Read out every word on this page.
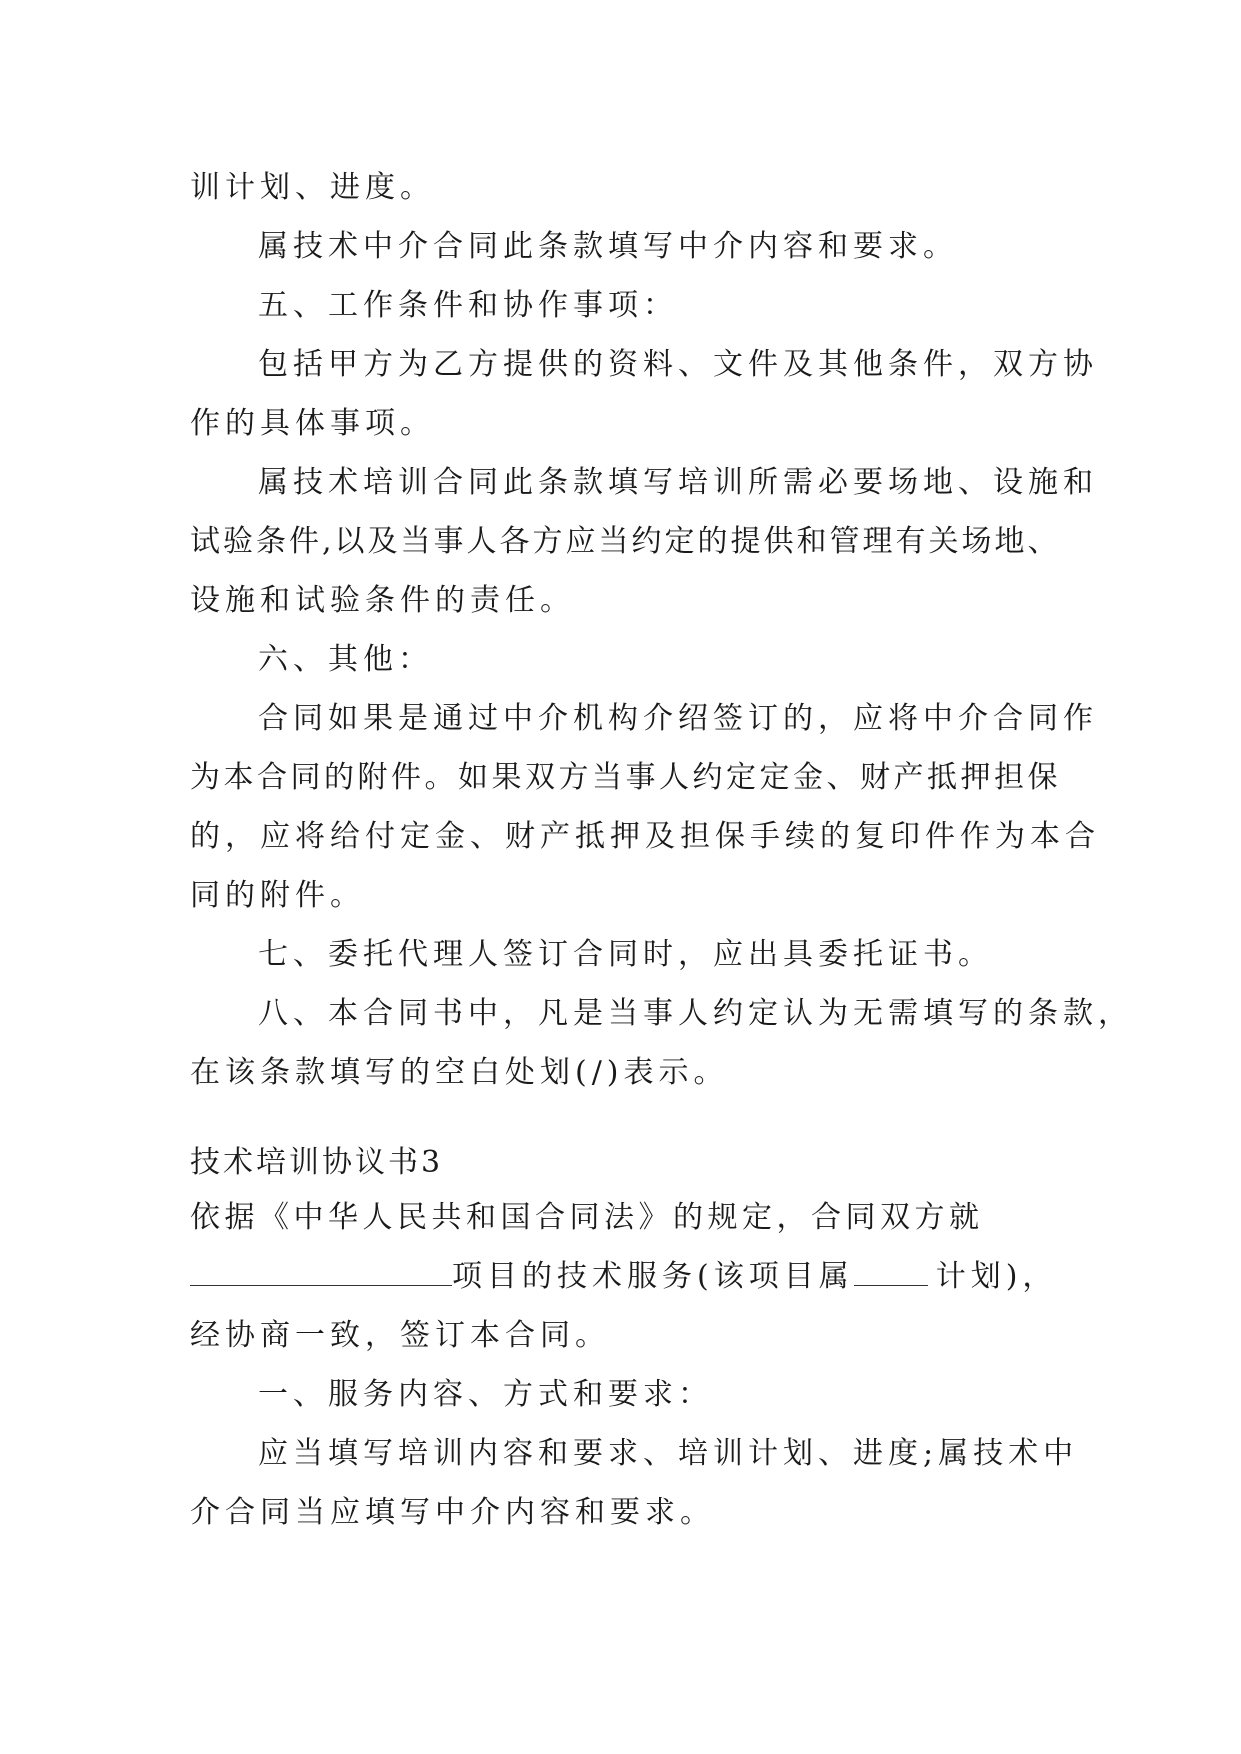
训计划、进度。

属技术中介合同此条款填写中介内容和要求。

五、工作条件和协作事项：

包括甲方为乙方提供的资料、文件及其他条件，双方协

作的具体事项。

属技术培训合同此条款填写培训所需必要场地、设施和

试验条件,以及当事人各方应当约定的提供和管理有关场地、

设施和试验条件的责任。

六、其他：

合同如果是通过中介机构介绍签订的，应将中介合同作

为本合同的附件。如果双方当事人约定定金、财产抵押担保

的，应将给付定金、财产抵押及担保手续的复印件作为本合

同的附件。

七、委托代理人签订合同时，应出具委托证书。

八、本合同书中，凡是当事人约定认为无需填写的条款，

在该条款填写的空白处划(/)表示。

技术培训协议书3

依据《中华人民共和国合同法》的规定，合同双方就

项目的技术服务(该项目属	计划)，

经协商一致，签订本合同。

一、服务内容、方式和要求：

应当填写培训内容和要求、培训计划、进度;属技术中

介合同当应填写中介内容和要求。
